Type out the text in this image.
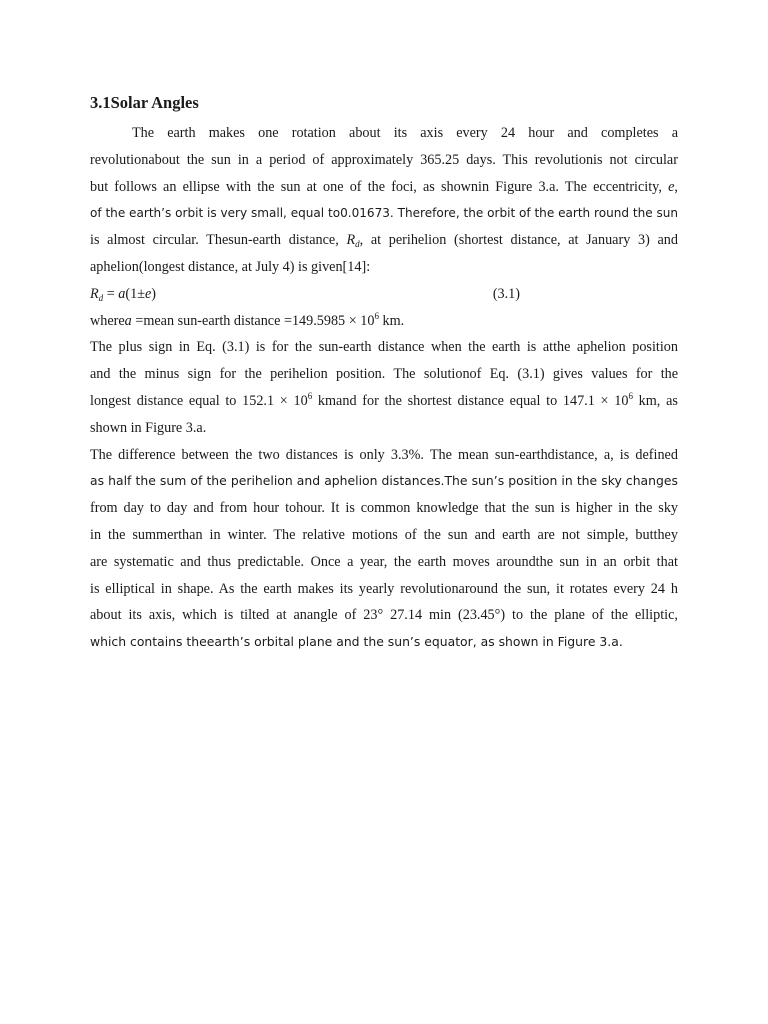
3.1Solar Angles
The earth makes one rotation about its axis every 24 hour and completes a
revolutionabout the sun in a period of approximately 365.25 days. This revolutionis not circular
but follows an ellipse with the sun at one of the foci, as shownin Figure 3.a. The eccentricity, e,
of the earth’s orbit is very small, equal to0.01673. Therefore, the orbit of the earth round the sun
is almost circular. Thesun-earth distance, $R_d$, at perihelion (shortest distance, at January 3) and
aphelion(longest distance, at July 4) is given[14]:
$R_d = a(1\pm e)$	(3.1)
wherea =mean sun-earth distance $=149.5985 \times 10^6$ km.
The plus sign in Eq. (3.1) is for the sun-earth distance when the earth is atthe aphelion position
and the minus sign for the perihelion position. The solutionof Eq. (3.1) gives values for the
longest distance equal to $152.1 \times 10^6$ kmand for the shortest distance equal to $147.1 \times 10^6$ km, as
shown in Figure 3.a.
The difference between the two distances is only 3.3%. The mean sun-earthdistance, a, is defined
as half the sum of the perihelion and aphelion distances.The sun’s position in the sky changes
from day to day and from hour tohour. It is common knowledge that the sun is higher in the sky
in the summerthan in winter. The relative motions of the sun and earth are not simple, butthey
are systematic and thus predictable. Once a year, the earth moves aroundthe sun in an orbit that
is elliptical in shape. As the earth makes its yearly revolutionaround the sun, it rotates every 24 h
about its axis, which is tilted at anangle of 23° 27.14 min (23.45°) to the plane of the elliptic,
which contains theearth’s orbital plane and the sun’s equator, as shown in Figure 3.a.
